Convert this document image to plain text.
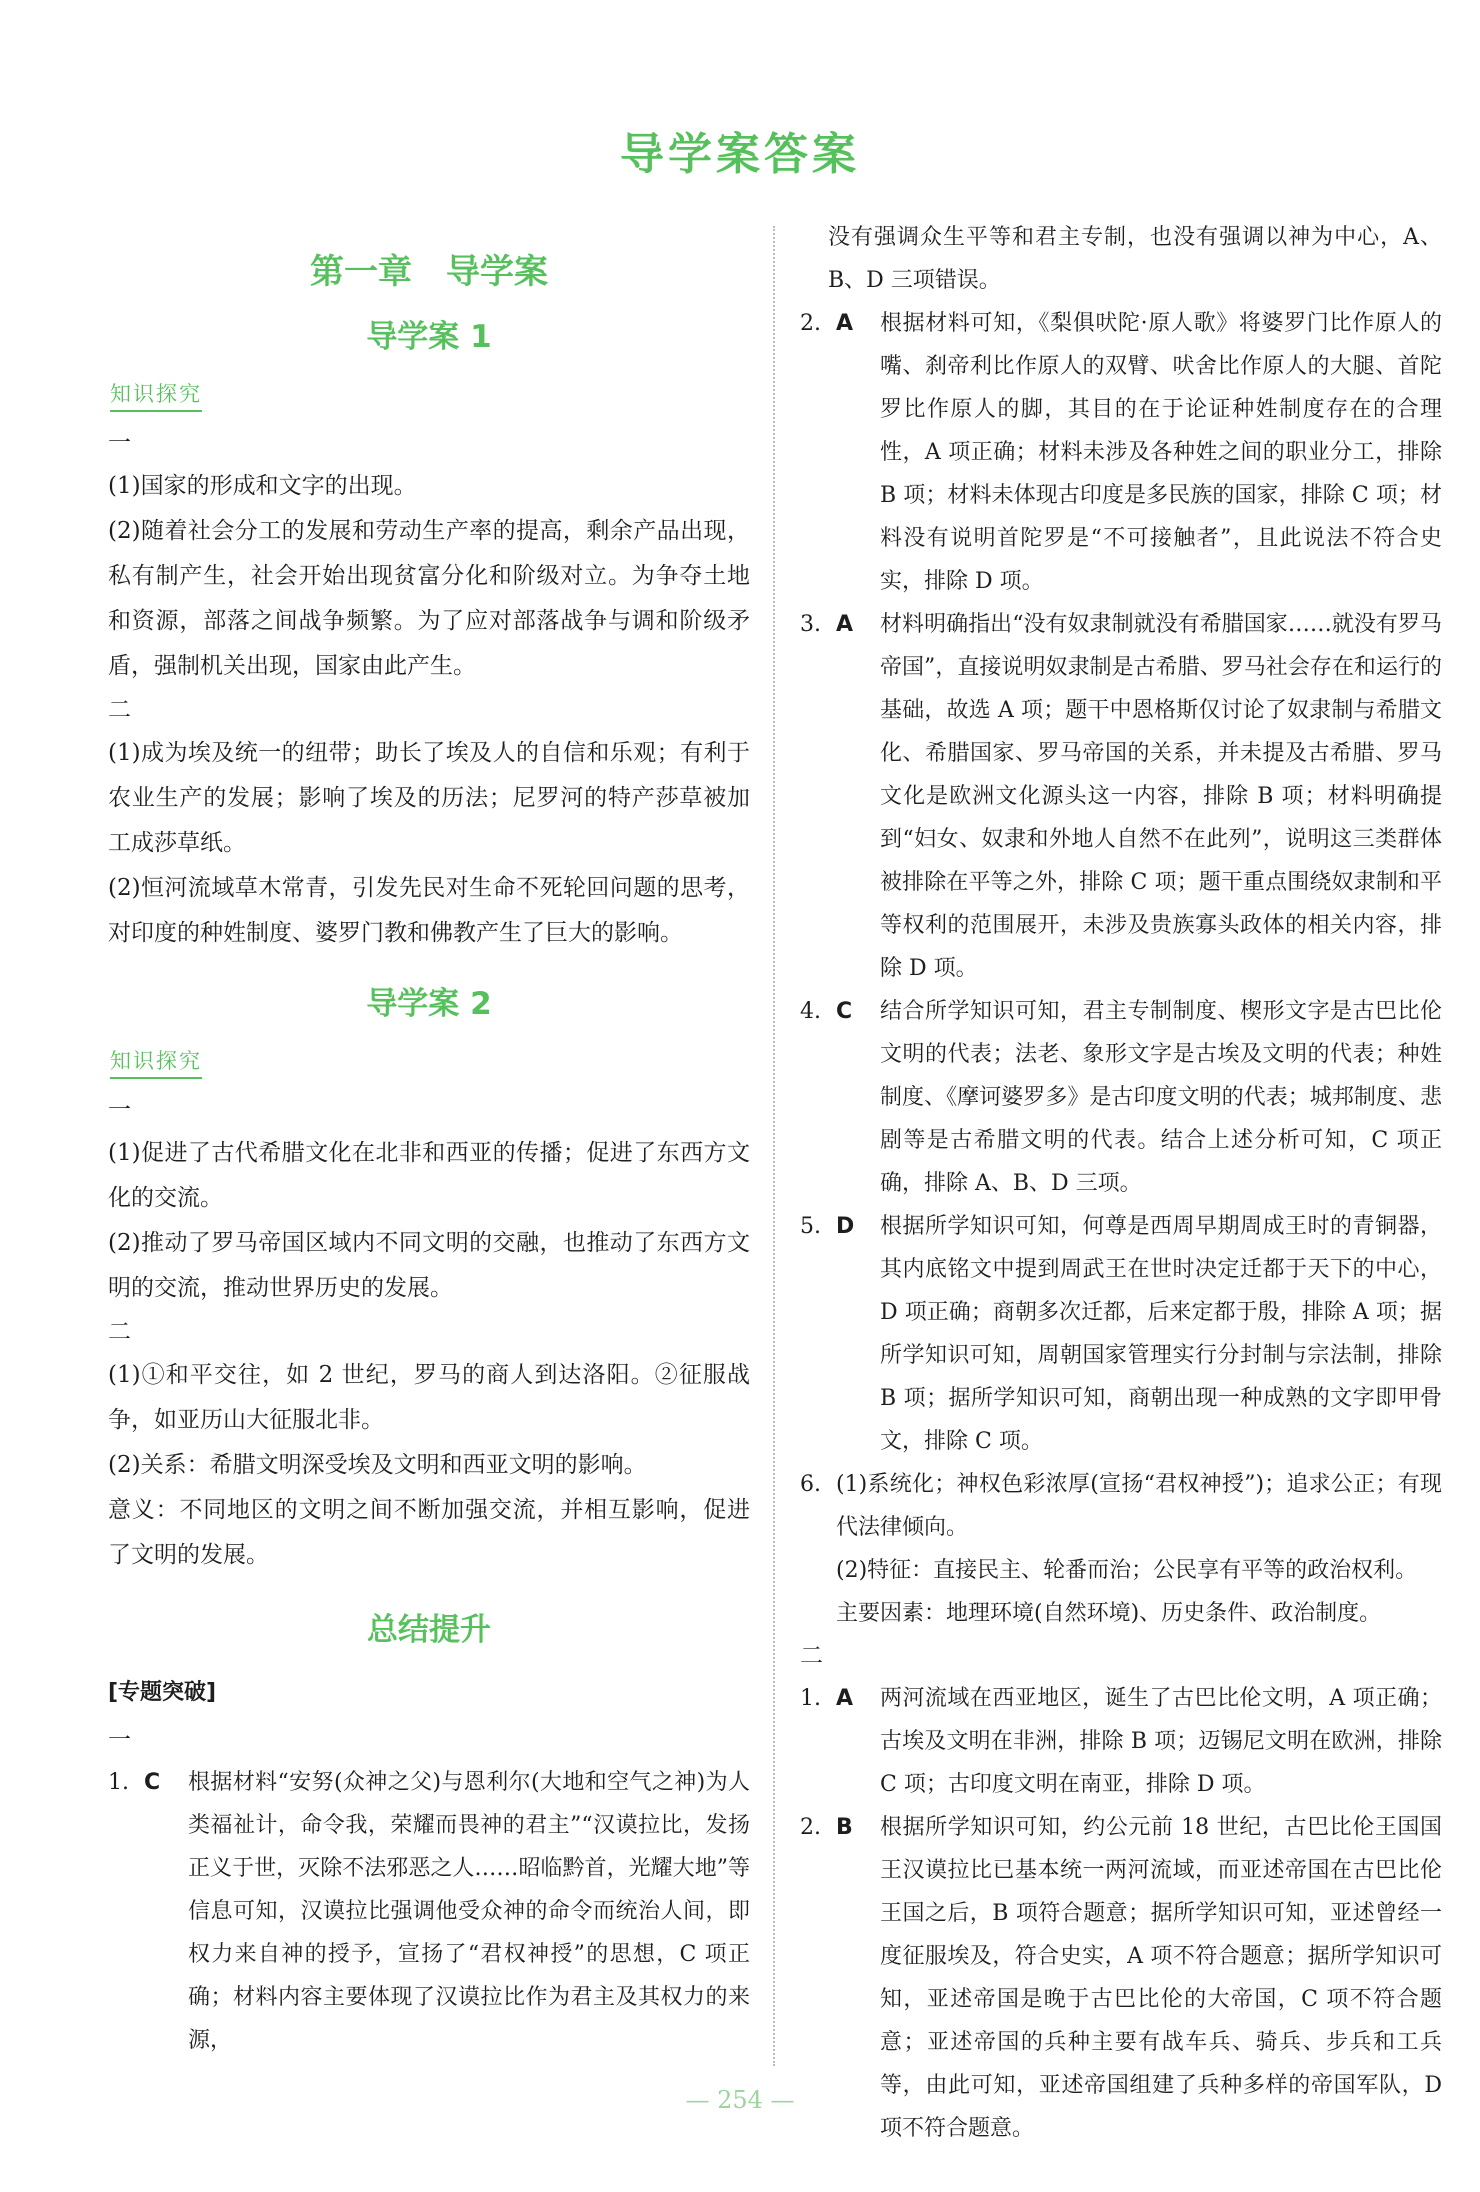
导学案答案
第一章　导学案
导学案 1
知识探究

一

(1)国家的形成和文字的出现。

(2)随着社会分工的发展和劳动生产率的提高，剩余产品出现，私有制产生，社会开始出现贫富分化和阶级对立。为争夺土地和资源，部落之间战争频繁。为了应对部落战争与调和阶级矛盾，强制机关出现，国家由此产生。

二

(1)成为埃及统一的纽带；助长了埃及人的自信和乐观；有利于农业生产的发展；影响了埃及的历法；尼罗河的特产莎草被加工成莎草纸。

(2)恒河流域草木常青，引发先民对生命不死轮回问题的思考，对印度的种姓制度、婆罗门教和佛教产生了巨大的影响。

导学案 2
知识探究

一

(1)促进了古代希腊文化在北非和西亚的传播；促进了东西方文化的交流。

(2)推动了罗马帝国区域内不同文明的交融，也推动了东西方文明的交流，推动世界历史的发展。

二

(1)①和平交往，如 2 世纪，罗马的商人到达洛阳。②征服战争，如亚历山大征服北非。

(2)关系：希腊文明深受埃及文明和西亚文明的影响。

意义：不同地区的文明之间不断加强交流，并相互影响，促进了文明的发展。

总结提升
[专题突破]

一

1. C	根据材料“安努(众神之父)与恩利尔(大地和空气之神)为人类福祉计，命令我，荣耀而畏神的君主”“汉谟拉比，发扬正义于世，灭除不法邪恶之人……昭临黔首，光耀大地”等信息可知，汉谟拉比强调他受众神的命令而统治人间，即权力来自神的授予，宣扬了“君权神授”的思想，C 项正确；材料内容主要体现了汉谟拉比作为君主及其权力的来源，

没有强调众生平等和君主专制，也没有强调以神为中心，A、B、D 三项错误。

2. A	根据材料可知，《梨俱吠陀·原人歌》将婆罗门比作原人的嘴、刹帝利比作原人的双臂、吠舍比作原人的大腿、首陀罗比作原人的脚，其目的在于论证种姓制度存在的合理性，A 项正确；材料未涉及各种姓之间的职业分工，排除 B 项；材料未体现古印度是多民族的国家，排除 C 项；材料没有说明首陀罗是“不可接触者”，且此说法不符合史实，排除 D 项。
3. A	材料明确指出“没有奴隶制就没有希腊国家……就没有罗马帝国”，直接说明奴隶制是古希腊、罗马社会存在和运行的基础，故选 A 项；题干中恩格斯仅讨论了奴隶制与希腊文化、希腊国家、罗马帝国的关系，并未提及古希腊、罗马文化是欧洲文化源头这一内容，排除 B 项；材料明确提到“妇女、奴隶和外地人自然不在此列”，说明这三类群体被排除在平等之外，排除 C 项；题干重点围绕奴隶制和平等权利的范围展开，未涉及贵族寡头政体的相关内容，排除 D 项。
4. C	结合所学知识可知，君主专制制度、楔形文字是古巴比伦文明的代表；法老、象形文字是古埃及文明的代表；种姓制度、《摩诃婆罗多》是古印度文明的代表；城邦制度、悲剧等是古希腊文明的代表。结合上述分析可知，C 项正确，排除 A、B、D 三项。
5. D	根据所学知识可知，何尊是西周早期周成王时的青铜器，其内底铭文中提到周武王在世时决定迁都于天下的中心，D 项正确；商朝多次迁都，后来定都于殷，排除 A 项；据所学知识可知，周朝国家管理实行分封制与宗法制，排除 B 项；据所学知识可知，商朝出现一种成熟的文字即甲骨文，排除 C 项。
6. (1)系统化；神权色彩浓厚(宣扬“君权神授”)；追求公正；有现代法律倾向。

(2)特征：直接民主、轮番而治；公民享有平等的政治权利。

主要因素：地理环境(自然环境)、历史条件、政治制度。

二

1. A	两河流域在西亚地区，诞生了古巴比伦文明，A 项正确；古埃及文明在非洲，排除 B 项；迈锡尼文明在欧洲，排除 C 项；古印度文明在南亚，排除 D 项。
2. B	根据所学知识可知，约公元前 18 世纪，古巴比伦王国国王汉谟拉比已基本统一两河流域，而亚述帝国在古巴比伦王国之后，B 项符合题意；据所学知识可知，亚述曾经一度征服埃及，符合史实，A 项不符合题意；据所学知识可知，亚述帝国是晚于古巴比伦的大帝国，C 项不符合题意；亚述帝国的兵种主要有战车兵、骑兵、步兵和工兵等，由此可知，亚述帝国组建了兵种多样的帝国军队，D 项不符合题意。
— 254 —
